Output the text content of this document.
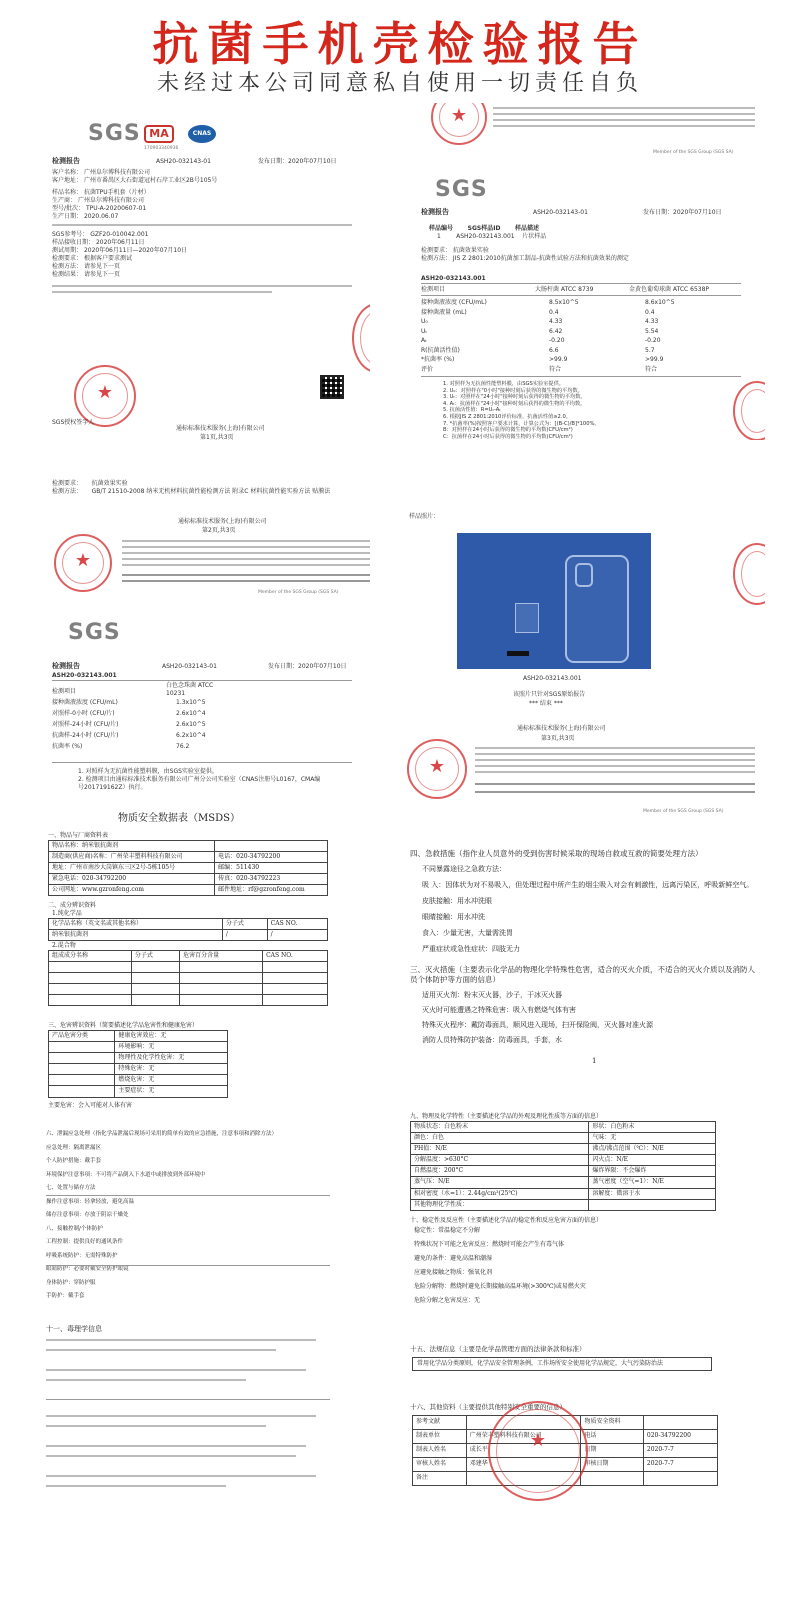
抗菌手机壳检验报告
未经过本公司同意私自使用一切责任自负
SGS MA	CNAS
170903340936
检测报告	ASH20-032143-01	发布日期：2020年07月10日
客户名称： 广州阜尔博科技有限公司
客户地址： 广州市番禺区大石街道冠村石岸工业区2B号105号
样品名称： 抗菌TPU手机套（片材）
生产商： 广州阜尔博科技有限公司
型号/批次： TPU-A-20200607-01
生产日期： 2020.06.07
SGS参考号： GZF20-010042.001
样品接收日期： 2020年06月11日
测试周期： 2020年06月11日—2020年07月10日
检测要求： 根据客户要求测试
检测方法： 请参见下一页
检测结果： 请参见下一页
★
SGS授权签字人
通标标准技术服务(上海)有限公司
第1页,共3页
★
Member of the SGS Group (SGS SA)
SGS
检测报告	ASH20-032143-01	发布日期：2020年07月10日
样品编号 SGS样品ID 样品描述
1	ASH20-032143.001 片状样品
检测要求： 抗菌效果实验
检测方法： JIS Z 2801:2010抗菌加工制品-抗菌性试验方法和抗菌效果的测定
ASH20-032143.001
检测项目	大肠杆菌 ATCC 8739	金黄色葡萄球菌 ATCC 6538P
接种菌液浓度 (CFU/mL)	8.5x10^5	8.6x10^5
接种菌液量 (mL)	0.4	0.4
U₀	4.33	4.33
Uₜ	6.42	5.54
Aₜ	-0.20	-0.20
R(抗菌活性值)	6.6	5.7
*抗菌率 (%)	>99.9	>99.9
评价	符合	符合
1. 对照样为无抗菌性能塑料膜，由SGS实验室提供。
2. U₀：对照样在"0小时"接种时刻后获得的微生物的平均数。
3. Uₜ：对照样在"24小时"接种时刻后获得的微生物的平均数。
4. Aₜ：抗菌样在"24小时"接种时刻后获得的微生物的平均数。
5. 抗菌活性值：R=Uₜ-Aₜ
6. 根据JIS Z 2801:2010评价标准，抗菌活性值≥2.0。
7. *抗菌率(%)按照客户要求计算，计算公式为：[(B-C)/B]*100%。
B：对照样在24小时后获得的微生物的平均数(CFU/cm²)
C：抗菌样在24小时后获得的微生物的平均数(CFU/cm²)
检测要求： 抗菌效果实验
检测方法： GB/T 21510-2008 纳米无机材料抗菌性能检测方法 附录C 材料抗菌性能实验方法 贴膜法
通标标准技术服务(上海)有限公司
第2页,共3页
★
Member of the SGS Group (SGS SA)
SGS
检测报告	ASH20-032143-01	发布日期：2020年07月10日
ASH20-032143.001
白色念珠菌 ATCC 10231
检测项目
接种菌液浓度 (CFU/mL)	1.3x10^5
对照样-0小时 (CFU/片)	2.6x10^4
对照样-24小时 (CFU/片)	2.6x10^5
抗菌样-24小时 (CFU/片)	6.2x10^4
抗菌率 (%)	76.2
1. 对照样为无抗菌性能塑料膜，由SGS实验室提供。
2. 检测项目由通标标准技术服务有限公司广州分公司实验室（CNAS注册号L0167，CMA编
号201719162Z）执行。
样品照片：
ASH20-032143.001
该照片只针对SGS原始报告
*** 结束 ***
通标标准技术服务(上海)有限公司
第3页,共3页
★
Member of the SGS Group (SGS SA)
物质安全数据表（MSDS）
一、物品与厂商资料表
物品名称：纳米银抗菌剂	
制造商(供应商)名称：广州荣丰塑料科技有限公司	电话：020-34792200
地址：广州市南沙大岗镇东三区2号-5栋105号	邮编：511430
紧急电话：020-34792200	传真：020-34792223
公司网址：www.gzronfeng.com	邮件地址：rf@gzronfeng.com
二、成分辨识资料
1.纯化学品
化学品名称（英文名或其他名称）	分子式	CAS NO.
纳米银抗菌剂	/	/
2.混合物
组成成分名称	分子式	危害百分含量	CAS NO.

三、危害辨识资料（简要描述化学品危害性和健康危害）
产品危害分类	健康危害效应：无
	环境影响：无
	物理性及化学性危害：无
	特殊危害：无
	燃烧危害：无
	主要症状：无
主要危害：会入可能对人体有害
四、急救措施（指作业人员意外的受到伤害时候采取的现场自救或互救的简要处理方法）
不同暴露途径之急救方法：
吸 入：因体状为对不易吸入，但处理过程中所产生的烟尘吸入对会有刺激性，远离污染区，呼吸新鲜空气。
皮肤接触：用水冲洗眼
眼睛接触：用水冲洗
食入：少量无害，大量需洗胃
严重症状或急性症状：四肢无力
三、灭火措施（主要表示化学品的物理化学特殊性危害，适合的灭火介质，不适合的灭火介质以及消防人员个体防护等方面的信息）
适用灭火剂：粉末灭火器，沙子，干冰灭火器
灭火时可能遭遇之特殊危害：吸入有燃烧气体有害
特殊灭火程序：戴防毒面具，顺风进入现场，扫开保险阀，灭火器对准火源
消防人员特殊防护装备：防毒面具，手套，水
1
六、泄漏应急处理（指化学品泄漏后现场可采用的简单有效的应急措施，注意事项和消除方法）
应急处理：隔离泄漏区
个人防护措施：戴手套
环境保护注意事项：不可将产品倒入下水道中或排放到外部环境中
七、处置与储存方法
操作注意事项：轻拿轻放，避免高温
储存注意事项：存放于阴凉干燥处
八、接触控制/个体防护
工程控制：提供良好的通风条件
呼吸系统防护：无需特殊防护
眼睛防护：必要时戴安全防护眼镜
身体防护：穿防护服
手防护：戴手套
九、物理及化学特性（主要描述化学品的外观及理化性质等方面的信息）
物质状态：白色粉末	形状：白色粉末
颜色：白色	气味：无
PH值：N/E	沸点/沸点范围（℃）：N/E
分解温度：>630°C	闪火点：N/E
自燃温度：200°C	爆炸界限：不会爆炸
蒸气压：N/E	蒸气密度（空气=1）：N/E
相对密度（水=1）：2.44g/cm³(25℃)	溶解度：微溶于水
其他物理化学性质：	
十、稳定性及反应性（主要描述化学品的稳定性和反应危害方面的信息）
稳定性：常温稳定不分解
特殊状况下可能之危害反应：燃烧时可能会产生有毒气体
避免的条件：避免高温和潮湿
应避免接触之物质：强氧化剂
危险分解物：燃烧时避免长期接触高温环境(>300℃)或易燃火灾
危险分解之危害反应：无
十一、毒理学信息
十五、法规信息（主要是化学品管理方面的法律条款和标准）
常用化学品分类原则，化学品安全管理条例，工作场所安全使用化学品规定，大气污染防治法
十六、其他资料（主要提供其他特别安全重要的信息）
参考文献		物质安全资料	
制表单位	广州荣丰塑料科技有限公司	电话	020-34792200
制表人姓名	成长平	日期	2020-7-7
审核人姓名	邓建华	审核日期	2020-7-7
备注			
★
